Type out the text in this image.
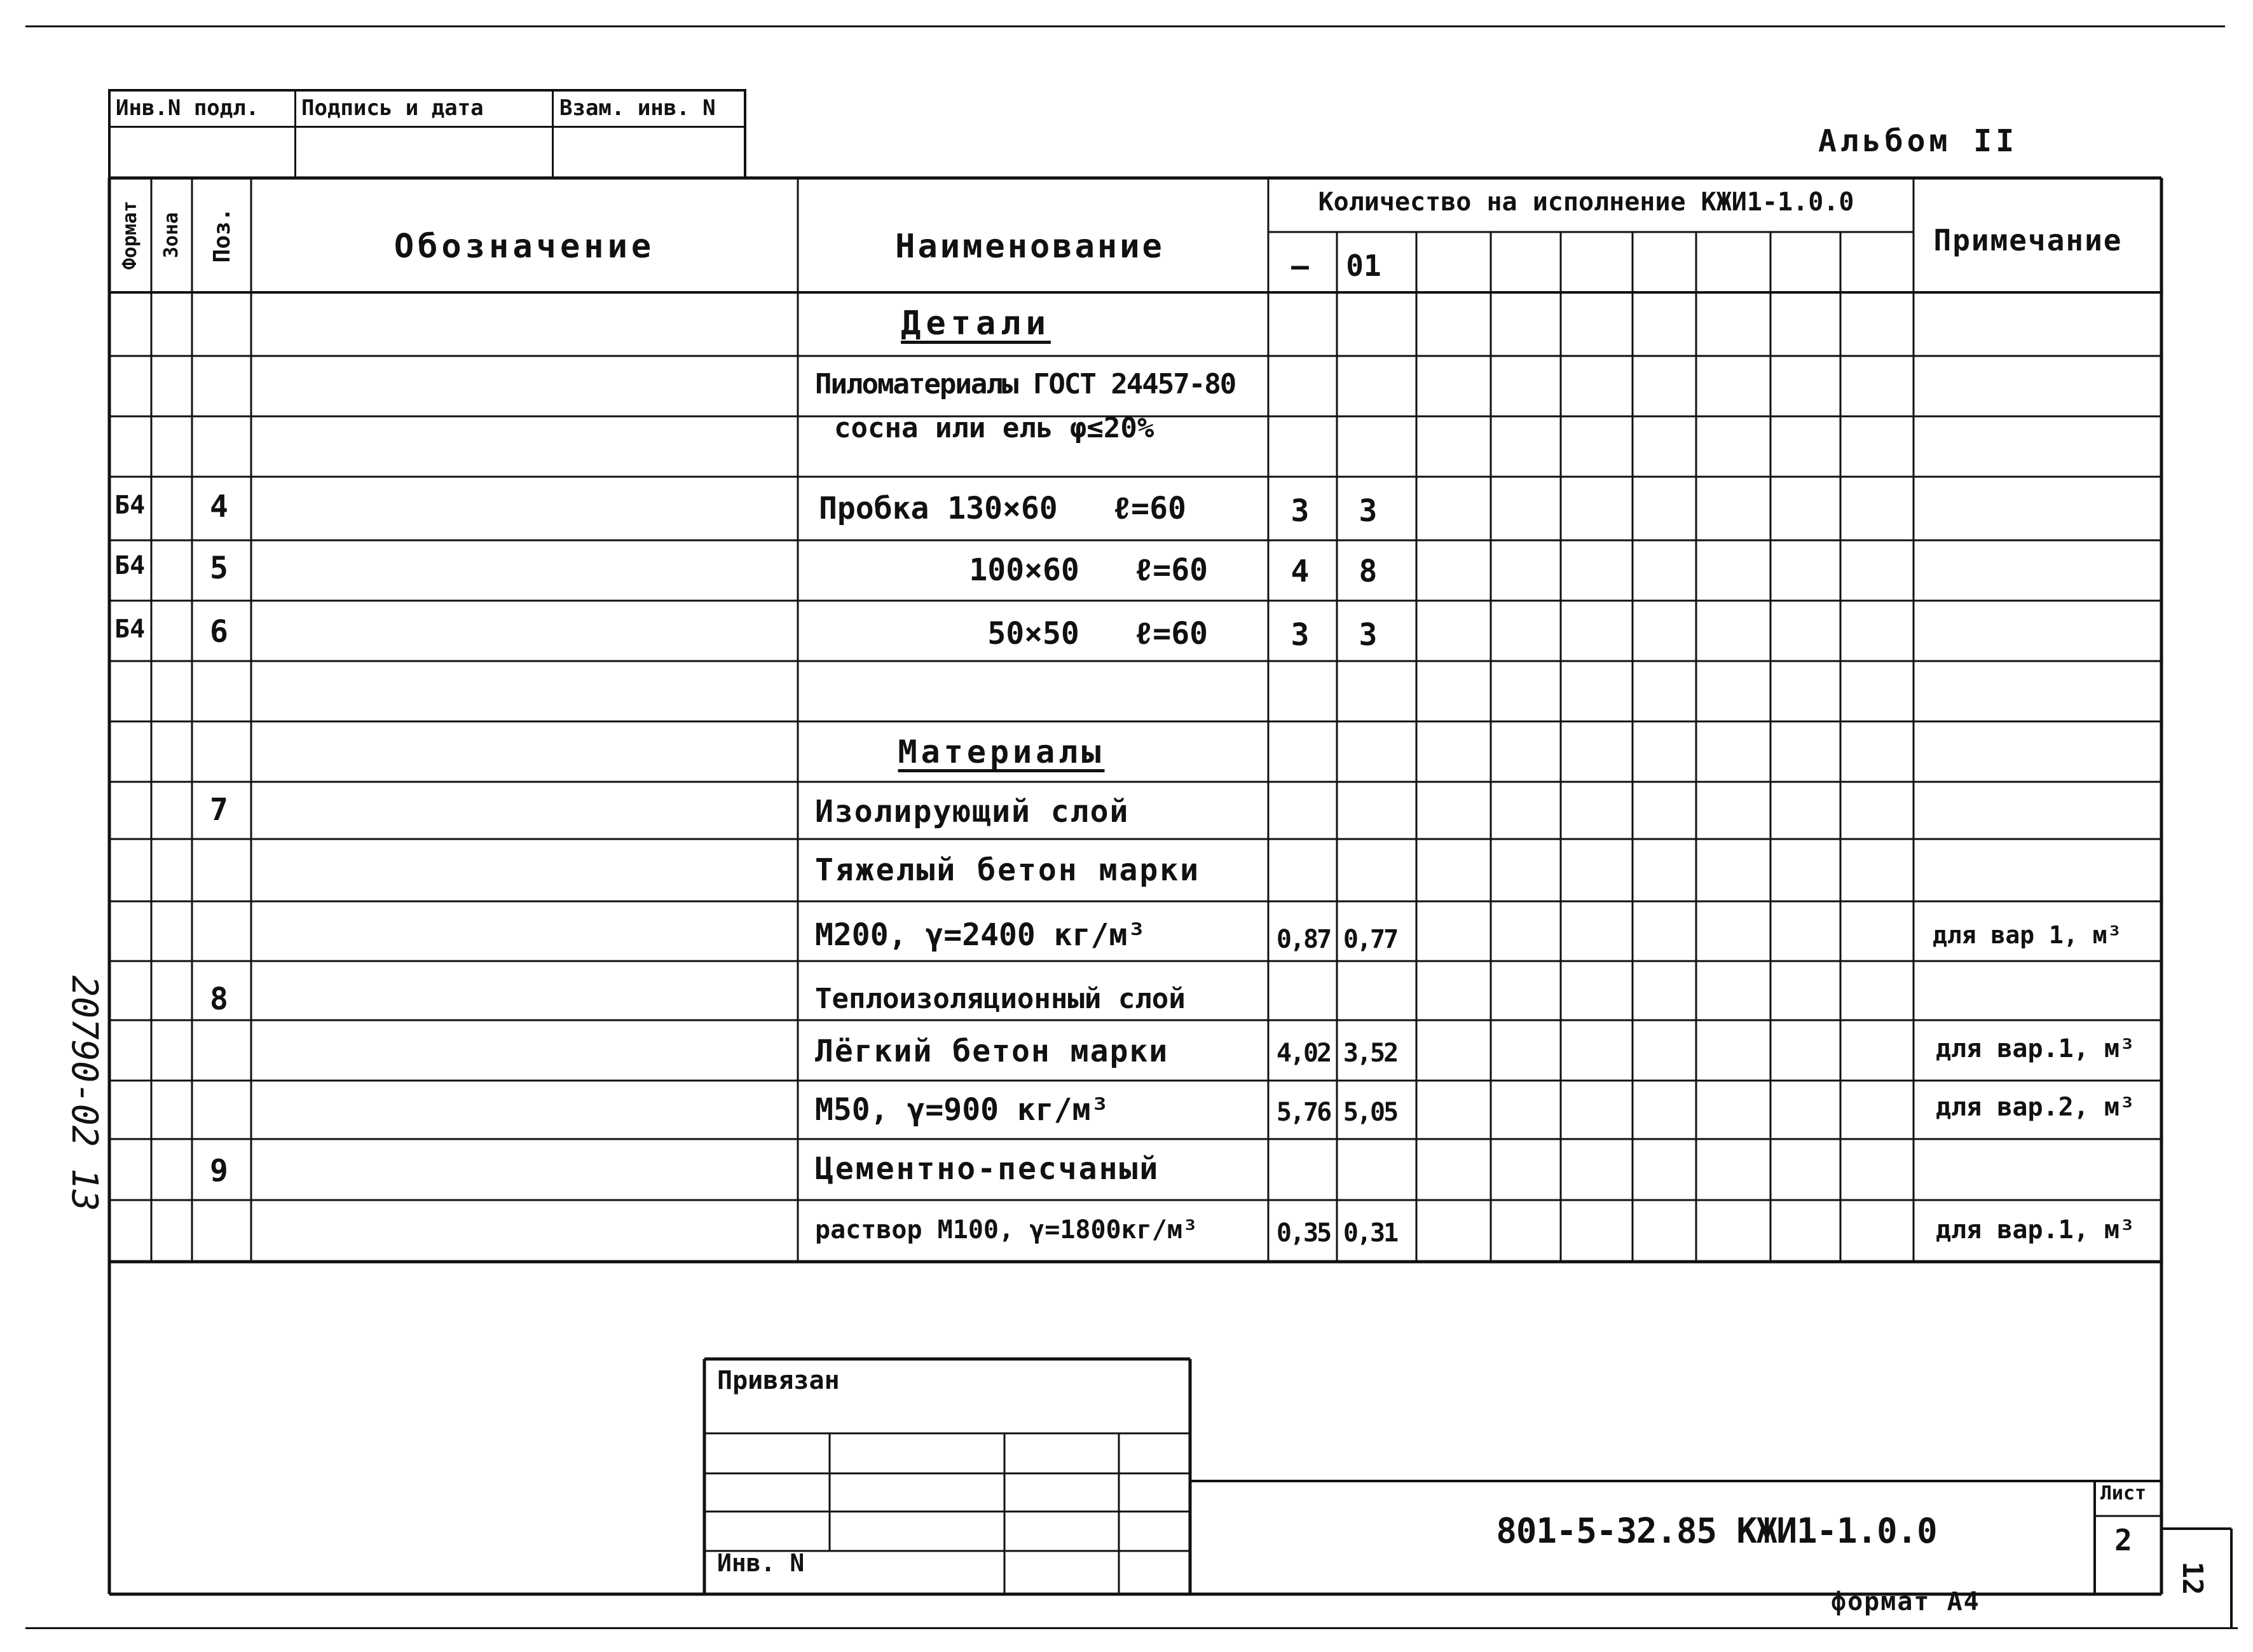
Инв.N подл. Подпись и дата	Взам. инв. N
Альбом II
20790-02 13
Формат Зона Поз.	Обозначение	Наименование
Количество на исполнение КЖИ1-1.0.0
— 01
Примечание
Детали
Пиломатериалы ГОСТ 24457-80
сосна или ель φ≤20%
Б4 4	Пробка 130×60   ℓ=60	3 3
Б4 5	100×60   ℓ=60	4 8
Б4 6	50×50   ℓ=60	3 3
Материалы
7	Изолирующий слой
Тяжелый бетон марки
М200, γ=2400 кг/м³	0,87 0,77	для вар 1, м³
8	Теплоизоляционный слой
Лёгкий бетон марки	4,02 3,52	для вар.1, м³
М50, γ=900 кг/м³	5,76 5,05	для вар.2, м³
9	Цементно-песчаный
раствор М100, γ=1800кг/м³	0,35 0,31	для вар.1, м³
Привязан
Инв. N
801-5-32.85 КЖИ1-1.0.0
Лист
2
формат А4
12
